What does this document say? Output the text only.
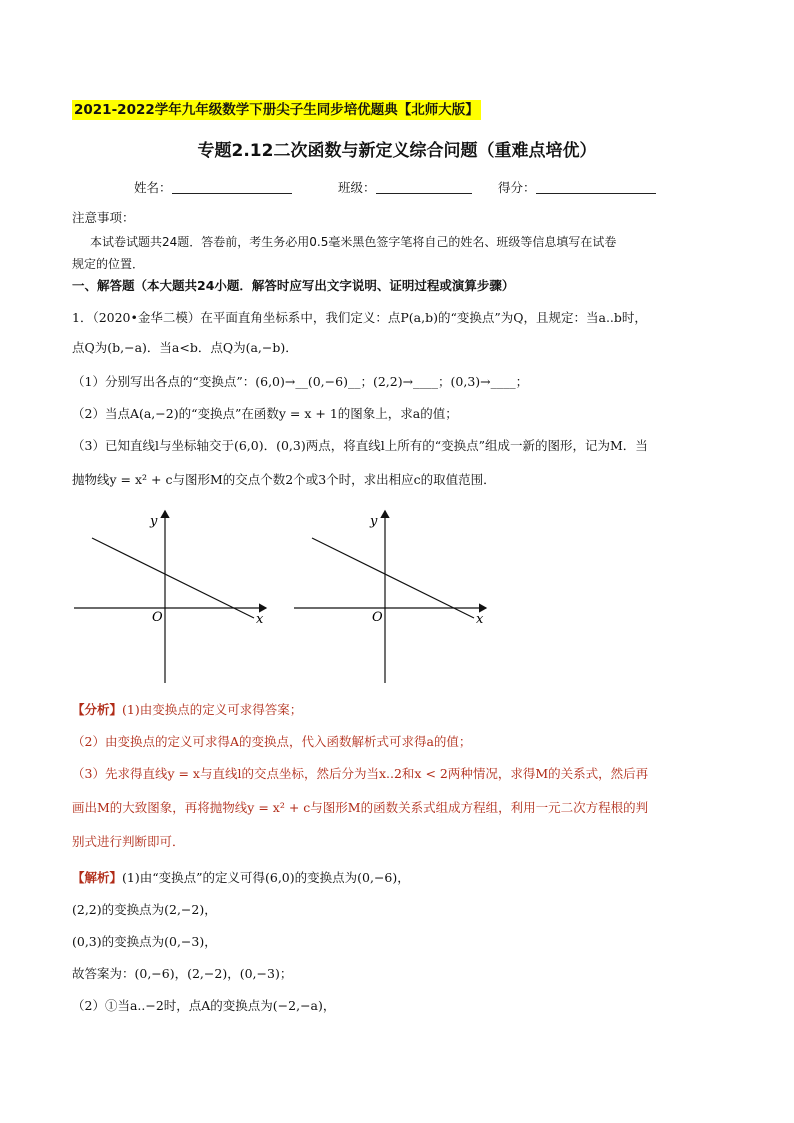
2021-2022学年九年级数学下册尖子生同步培优题典【北师大版】
专题2.12二次函数与新定义综合问题（重难点培优）
姓名：	班级：	得分：
注意事项：
本试卷试题共24题．答卷前，考生务必用0.5毫米黑色签字笔将自己的姓名、班级等信息填写在试卷
规定的位置．
一、解答题（本大题共24小题．解答时应写出文字说明、证明过程或演算步骤）
1．（2020•金华二模）在平面直角坐标系中，我们定义：点P(a,b)的“变换点”为Q，且规定：当a..b时，
点Q为(b,−a)．当a<b．点Q为(a,−b)．
（1）分别写出各点的“变换点”：(6,0)→__(0,−6)__；(2,2)→____；(0,3)→____；
（2）当点A(a,−2)的“变换点”在函数y = x + 1的图象上，求a的值；
（3）已知直线l与坐标轴交于(6,0)．(0,3)两点，将直线l上所有的“变换点”组成一新的图形，记为M．当
抛物线y = x² + c与图形M的交点个数2个或3个时，求出相应c的取值范围．
y
x
O
y
x
O
【分析】(1)由变换点的定义可求得答案；
（2）由变换点的定义可求得A的变换点，代入函数解析式可求得a的值；
（3）先求得直线y = x与直线l的交点坐标，然后分为当x..2和x < 2两种情况，求得M的关系式，然后再
画出M的大致图象，再将抛物线y = x² + c与图形M的函数关系式组成方程组，利用一元二次方程根的判
别式进行判断即可．
【解析】(1)由“变换点”的定义可得(6,0)的变换点为(0,−6)，
(2,2)的变换点为(2,−2)，
(0,3)的变换点为(0,−3)，
故答案为：(0,−6)，(2,−2)，(0,−3)；
（2）①当a..−2时，点A的变换点为(−2,−a)，
